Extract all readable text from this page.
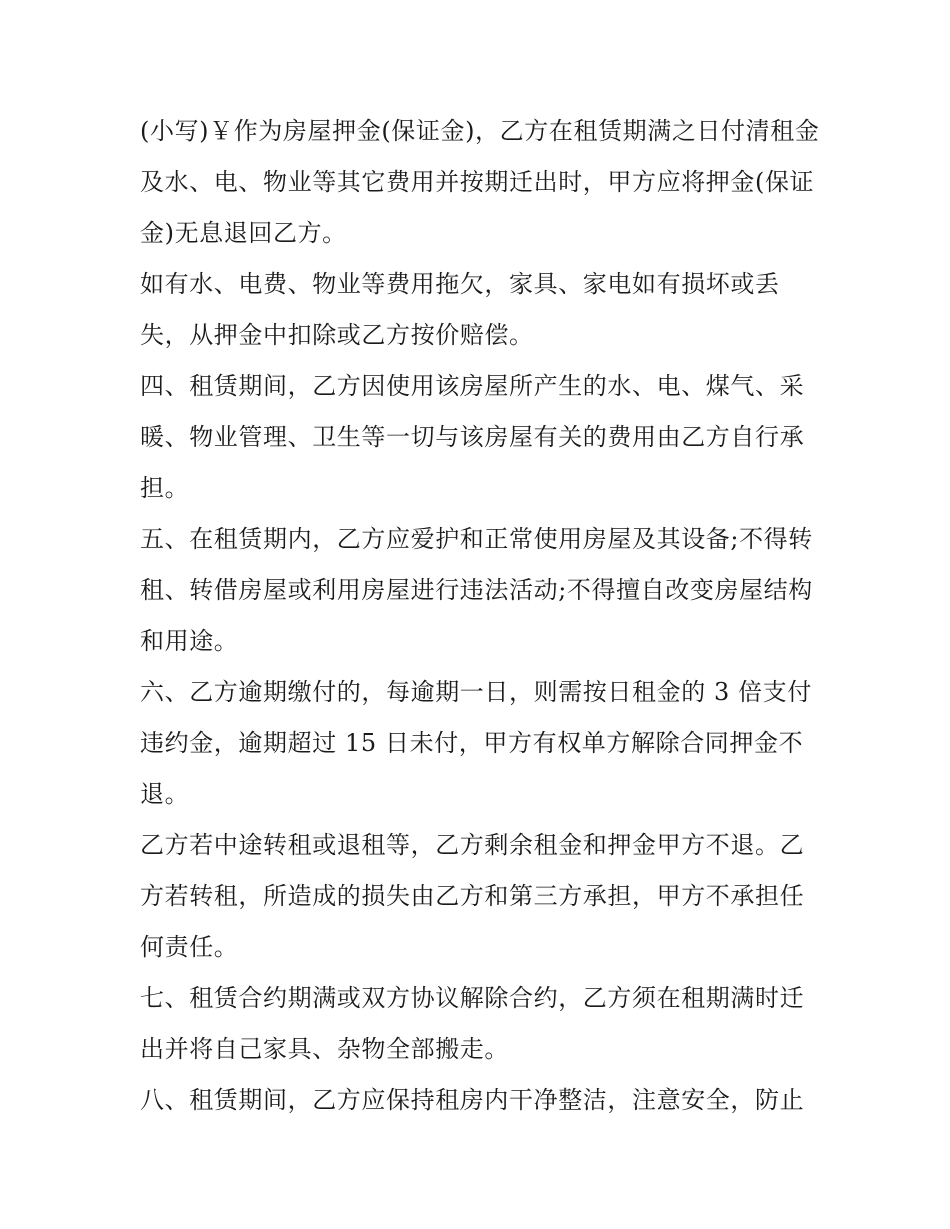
(小写)￥作为房屋押金(保证金)，乙方在租赁期满之日付清租金及水、电、物业等其它费用并按期迁出时，甲方应将押金(保证金)无息退回乙方。

如有水、电费、物业等费用拖欠，家具、家电如有损坏或丢失，从押金中扣除或乙方按价赔偿。

四、租赁期间，乙方因使用该房屋所产生的水、电、煤气、采暖、物业管理、卫生等一切与该房屋有关的费用由乙方自行承担。

五、在租赁期内，乙方应爱护和正常使用房屋及其设备;不得转租、转借房屋或利用房屋进行违法活动;不得擅自改变房屋结构和用途。

六、乙方逾期缴付的，每逾期一日，则需按日租金的 3 倍支付违约金，逾期超过 15 日未付，甲方有权单方解除合同押金不退。

乙方若中途转租或退租等，乙方剩余租金和押金甲方不退。乙方若转租，所造成的损失由乙方和第三方承担，甲方不承担任何责任。

七、租赁合约期满或双方协议解除合约，乙方须在租期满时迁出并将自己家具、杂物全部搬走。

八、租赁期间，乙方应保持租房内干净整洁，注意安全，防止
